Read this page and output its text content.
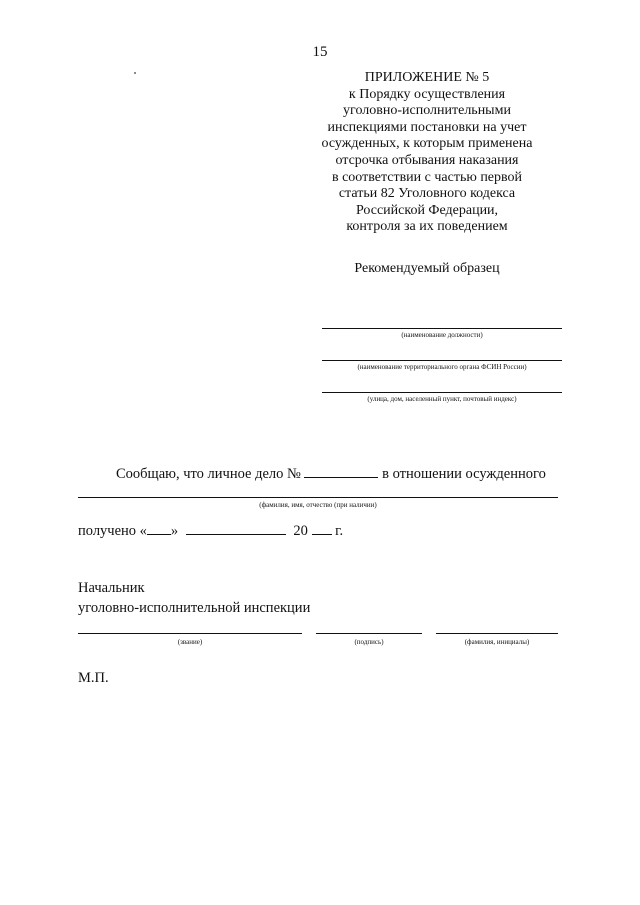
15
ПРИЛОЖЕНИЕ № 5
к Порядку осуществления
уголовно-исполнительными
инспекциями постановки на учет
осужденных, к которым применена
отсрочка отбывания наказания
в соответствии с частью первой
статьи 82 Уголовного кодекса
Российской Федерации,
контроля за их поведением
Рекомендуемый образец
(наименование должности)
(наименование территориального органа ФСИН России)
(улица, дом, населенный пункт, почтовый индекс)
Сообщаю, что личное дело №	в отношении осужденного
(фамилия, имя, отчество (при наличии)
получено « »	20 г.
Начальник
уголовно-исполнительной инспекции
(звание)	(подпись)	(фамилия, инициалы)
М.П.
